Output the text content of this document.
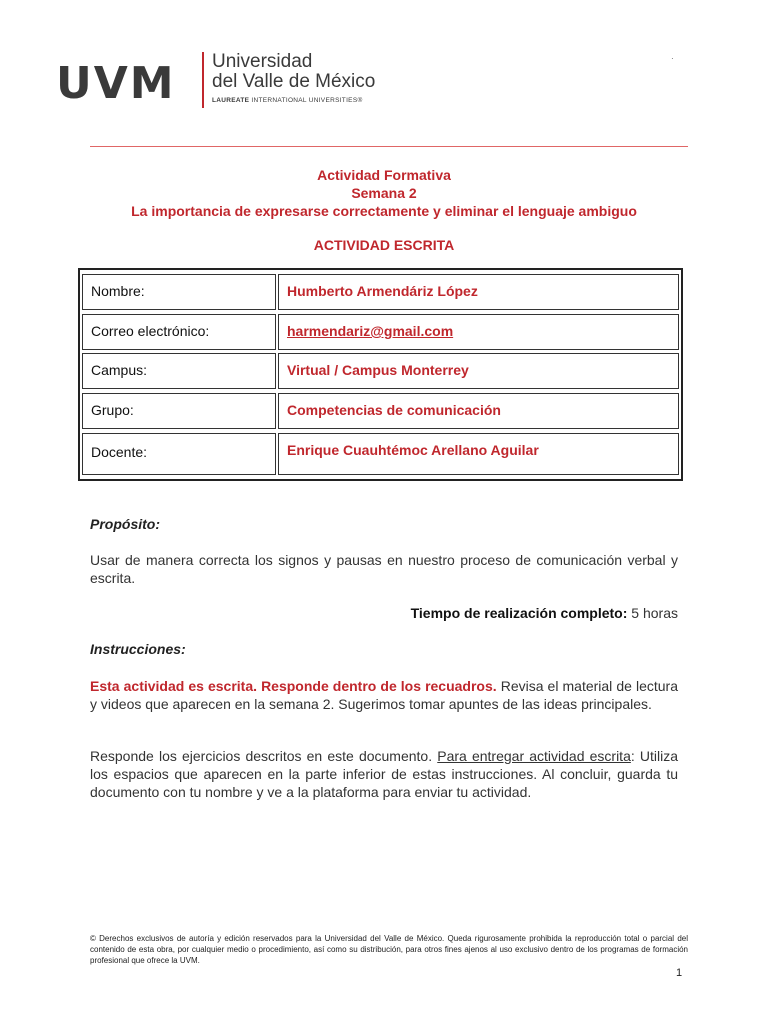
UVM Universidad
del Valle de México
LAUREATE INTERNATIONAL UNIVERSITIES®
·
Actividad Formativa
Semana 2
La importancia de expresarse correctamente y eliminar el lenguaje ambiguo
ACTIVIDAD ESCRITA
Nombre:	Humberto Armendáriz López
Correo electrónico:	harmendariz@gmail.com
Campus:	Virtual / Campus Monterrey
Grupo:	Competencias de comunicación
Docente:	Enrique Cuauhtémoc Arellano Aguilar
Propósito:
Usar de manera correcta los signos y pausas en nuestro proceso de comunicación verbal y escrita.
Tiempo de realización completo: 5 horas
Instrucciones:
Esta actividad es escrita. Responde dentro de los recuadros. Revisa el material de lectura y videos que aparecen en la semana 2. Sugerimos tomar apuntes de las ideas principales.
Responde los ejercicios descritos en este documento. Para entregar actividad escrita: Utiliza los espacios que aparecen en la parte inferior de estas instrucciones. Al concluir, guarda tu documento con tu nombre y ve a la plataforma para enviar tu actividad.
© Derechos exclusivos de autoría y edición reservados para la Universidad del Valle de México. Queda rigurosamente prohibida la reproducción total o parcial del contenido de esta obra, por cualquier medio o procedimiento, así como su distribución, para otros fines ajenos al uso exclusivo dentro de los programas de formación profesional que ofrece la UVM.
1
